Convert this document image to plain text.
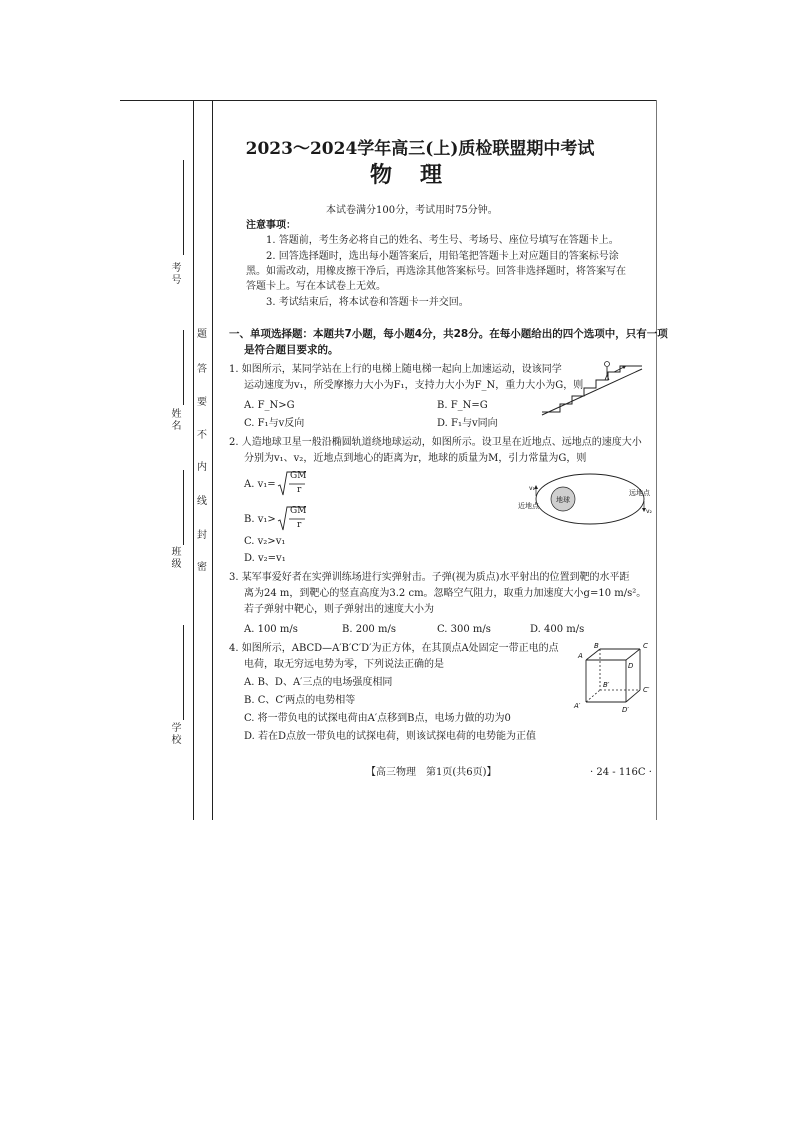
考号
姓名
班级
学校
题
答
要
不
内
线
封
密
2023～2024学年高三(上)质检联盟期中考试
物理
本试卷满分100分，考试用时75分钟。
注意事项：
1. 答题前，考生务必将自己的姓名、考生号、考场号、座位号填写在答题卡上。
2. 回答选择题时，选出每小题答案后，用铅笔把答题卡上对应题目的答案标号涂
黑。如需改动，用橡皮擦干净后，再选涂其他答案标号。回答非选择题时，将答案写在
答题卡上。写在本试卷上无效。
3. 考试结束后，将本试卷和答题卡一并交回。
一、单项选择题：本题共7小题，每小题4分，共28分。在每小题给出的四个选项中，只有一项
是符合题目要求的。
1. 如图所示，某同学站在上行的电梯上随电梯一起向上加速运动，设该同学
运动速度为v₁，所受摩擦力大小为F₁，支持力大小为F_N，重力大小为G，则
A. F_N>G	B. F_N=G
C. F₁与v反向	D. F₁与v同向
2. 人造地球卫星一般沿椭圆轨道绕地球运动，如图所示。设卫星在近地点、远地点的速度大小
分别为v₁、v₂，近地点到地心的距离为r，地球的质量为M，引力常量为G，则
A. v₁=
GM
r
B. v₁>
GM
r
C. v₂>v₁
D. v₂=v₁
地球
v₁
近地点
v₂
远地点
3. 某军事爱好者在实弹训练场进行实弹射击。子弹(视为质点)水平射出的位置到靶的水平距
离为24 m，到靶心的竖直高度为3.2 cm。忽略空气阻力，取重力加速度大小g=10 m/s²。
若子弹射中靶心，则子弹射出的速度大小为
A. 100 m/s	B. 200 m/s	C. 300 m/s	D. 400 m/s
4. 如图所示，ABCD—A′B′C′D′为正方体，在其顶点A处固定一带正电的点
电荷，取无穷远电势为零，下列说法正确的是
A. B、D、A′三点的电场强度相同
B. C、C′两点的电势相等
C. 将一带负电的试探电荷由A′点移到B点，电场力做的功为0
D. 若在D点放一带负电的试探电荷，则该试探电荷的电势能为正值
A
B	C
D
A′
B′
C′
D′
【高三物理　第1页(共6页)】	· 24 - 116C ·
